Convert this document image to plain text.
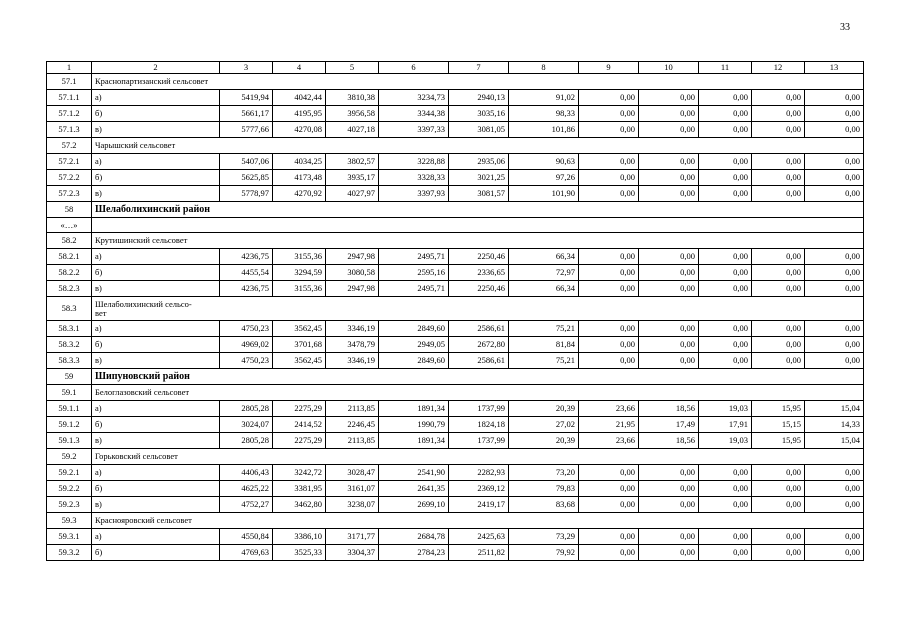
33
1	2	3	4	5	6	7	8	9	10	11	12	13
57.1	Краснопартизанский сельсовет											
57.1.1	а)	5419,94	4042,44	3810,38	3234,73	2940,13	91,02	0,00	0,00	0,00	0,00	0,00
57.1.2	б)	5661,17	4195,95	3956,58	3344,38	3035,16	98,33	0,00	0,00	0,00	0,00	0,00
57.1.3	в)	5777,66	4270,08	4027,18	3397,33	3081,05	101,86	0,00	0,00	0,00	0,00	0,00
57.2	Чарышский сельсовет											
57.2.1	а)	5407,06	4034,25	3802,57	3228,88	2935,06	90,63	0,00	0,00	0,00	0,00	0,00
57.2.2	б)	5625,85	4173,48	3935,17	3328,33	3021,25	97,26	0,00	0,00	0,00	0,00	0,00
57.2.3	в)	5778,97	4270,92	4027,97	3397,93	3081,57	101,90	0,00	0,00	0,00	0,00	0,00
58	Шелаболихинский район											
«…»												
58.2	Крутишинский сельсовет											
58.2.1	а)	4236,75	3155,36	2947,98	2495,71	2250,46	66,34	0,00	0,00	0,00	0,00	0,00
58.2.2	б)	4455,54	3294,59	3080,58	2595,16	2336,65	72,97	0,00	0,00	0,00	0,00	0,00
58.2.3	в)	4236,75	3155,36	2947,98	2495,71	2250,46	66,34	0,00	0,00	0,00	0,00	0,00
58.3	Шелаболихинский сельсо-
вет											
58.3.1	а)	4750,23	3562,45	3346,19	2849,60	2586,61	75,21	0,00	0,00	0,00	0,00	0,00
58.3.2	б)	4969,02	3701,68	3478,79	2949,05	2672,80	81,84	0,00	0,00	0,00	0,00	0,00
58.3.3	в)	4750,23	3562,45	3346,19	2849,60	2586,61	75,21	0,00	0,00	0,00	0,00	0,00
59	Шипуновский район											
59.1	Белоглазовский сельсовет											
59.1.1	а)	2805,28	2275,29	2113,85	1891,34	1737,99	20,39	23,66	18,56	19,03	15,95	15,04
59.1.2	б)	3024,07	2414,52	2246,45	1990,79	1824,18	27,02	21,95	17,49	17,91	15,15	14,33
59.1.3	в)	2805,28	2275,29	2113,85	1891,34	1737,99	20,39	23,66	18,56	19,03	15,95	15,04
59.2	Горьковский сельсовет											
59.2.1	а)	4406,43	3242,72	3028,47	2541,90	2282,93	73,20	0,00	0,00	0,00	0,00	0,00
59.2.2	б)	4625,22	3381,95	3161,07	2641,35	2369,12	79,83	0,00	0,00	0,00	0,00	0,00
59.2.3	в)	4752,27	3462,80	3238,07	2699,10	2419,17	83,68	0,00	0,00	0,00	0,00	0,00
59.3	Краснояровский сельсовет											
59.3.1	а)	4550,84	3386,10	3171,77	2684,78	2425,63	73,29	0,00	0,00	0,00	0,00	0,00
59.3.2	б)	4769,63	3525,33	3304,37	2784,23	2511,82	79,92	0,00	0,00	0,00	0,00	0,00
